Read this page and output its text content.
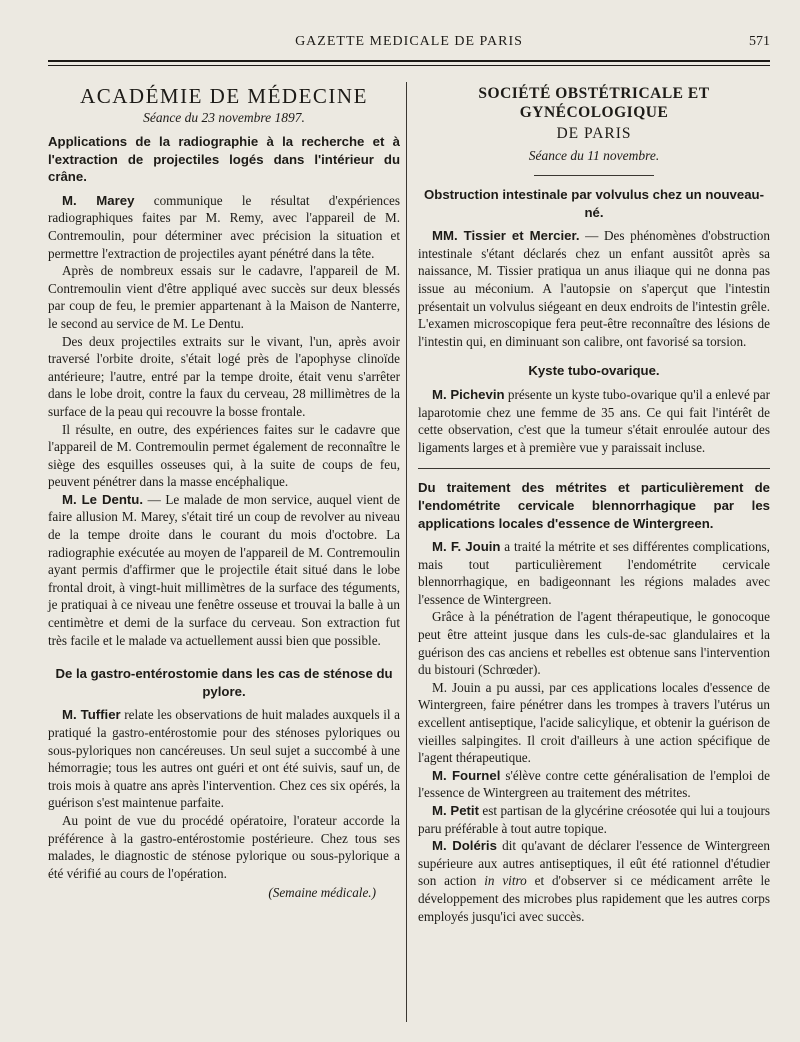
GAZETTE MEDICALE DE PARIS	571
ACADÉMIE DE MÉDECINE
Séance du 23 novembre 1897.
Applications de la radiographie à la recherche et à l'extraction de projectiles logés dans l'intérieur du crâne.

M. Marey communique le résultat d'expériences radiographiques faites par M. Remy, avec l'appareil de M. Contremoulin, pour déterminer avec précision la situation et permettre l'extraction de projectiles ayant pénétré dans la tête.

Après de nombreux essais sur le cadavre, l'appareil de M. Contremoulin vient d'être appliqué avec succès sur deux blessés par coup de feu, le premier appartenant à la Maison de Nanterre, le second au service de M. Le Dentu.

Des deux projectiles extraits sur le vivant, l'un, après avoir traversé l'orbite droite, s'était logé près de l'apophyse clinoïde antérieure; l'autre, entré par la tempe droite, était venu s'arrêter dans le lobe droit, contre la faux du cerveau, 28 millimètres de la surface de la peau qui recouvre la bosse frontale.

Il résulte, en outre, des expériences faites sur le cadavre que l'appareil de M. Contremoulin permet également de reconnaître le siège des esquilles osseuses qui, à la suite de coups de feu, peuvent pénétrer dans la masse encéphalique.

M. Le Dentu. — Le malade de mon service, auquel vient de faire allusion M. Marey, s'était tiré un coup de revolver au niveau de la tempe droite dans le courant du mois d'octobre. La radiographie exécutée au moyen de l'appareil de M. Contremoulin ayant permis d'affirmer que le projectile était situé dans le lobe frontal droit, à vingt-huit millimètres de la surface des téguments, je pratiquai à ce niveau une fenêtre osseuse et trouvai la balle à un centimètre et demi de la surface du cerveau. Son extraction fut très facile et le malade va actuellement aussi bien que possible.

De la gastro-entérostomie dans les cas de sténose du pylore.

M. Tuffier relate les observations de huit malades auxquels il a pratiqué la gastro-entérostomie pour des sténoses pyloriques ou sous-pyloriques non cancéreuses. Un seul sujet a succombé à une hémorragie; tous les autres ont guéri et ont été suivis, sauf un, de trois mois à quatre ans après l'intervention. Chez ces six opérés, la guérison s'est maintenue parfaite.

Au point de vue du procédé opératoire, l'orateur accorde la préférence à la gastro-entérostomie postérieure. Chez tous ses malades, le diagnostic de sténose pylorique ou sous-pylorique a été vérifié au cours de l'opération.

(Semaine médicale.)
SOCIÉTÉ OBSTÉTRICALE ET GYNÉCOLOGIQUE
DE PARIS
Séance du 11 novembre.
Obstruction intestinale par volvulus chez un nouveau-né.

MM. Tissier et Mercier. — Des phénomènes d'obstruction intestinale s'étant déclarés chez un enfant aussitôt après sa naissance, M. Tissier pratiqua un anus iliaque qui ne donna pas issue au méconium. A l'autopsie on s'aperçut que l'intestin présentait un volvulus siégeant en deux endroits de l'intestin grêle. L'examen microscopique fera peut-être reconnaître des lésions de l'intestin qui, en diminuant son calibre, ont favorisé sa torsion.

Kyste tubo-ovarique.

M. Pichevin présente un kyste tubo-ovarique qu'il a enlevé par laparotomie chez une femme de 35 ans. Ce qui fait l'intérêt de cette observation, c'est que la tumeur s'était enroulée autour des ligaments larges et à première vue y paraissait incluse.

Du traitement des métrites et particulièrement de l'endométrite cervicale blennorrhagique par les applications locales d'essence de Wintergreen.

M. F. Jouin a traité la métrite et ses différentes complications, mais tout particulièrement l'endométrite cervicale blennorrhagique, en badigeonnant les régions malades avec l'essence de Wintergreen.

Grâce à la pénétration de l'agent thérapeutique, le gonocoque peut être atteint jusque dans les culs-de-sac glandulaires et la guérison des cas anciens et rebelles est obtenue sans l'intervention du bistouri (Schrœder).

M. Jouin a pu aussi, par ces applications locales d'essence de Wintergreen, faire pénétrer dans les trompes à travers l'utérus un excellent antiseptique, l'acide salicylique, et obtenir la guérison de vieilles salpingites. Il croit d'ailleurs à une action spécifique de l'agent thérapeutique.

M. Fournel s'élève contre cette généralisation de l'emploi de l'essence de Wintergreen au traitement des métrites.

M. Petit est partisan de la glycérine créosotée qui lui a toujours paru préférable à tout autre topique.

M. Doléris dit qu'avant de déclarer l'essence de Wintergreen supérieure aux autres antiseptiques, il eût été rationnel d'étudier son action in vitro et d'observer si ce médicament arrête le développement des microbes plus rapidement que les autres corps employés jusqu'ici avec succès.
